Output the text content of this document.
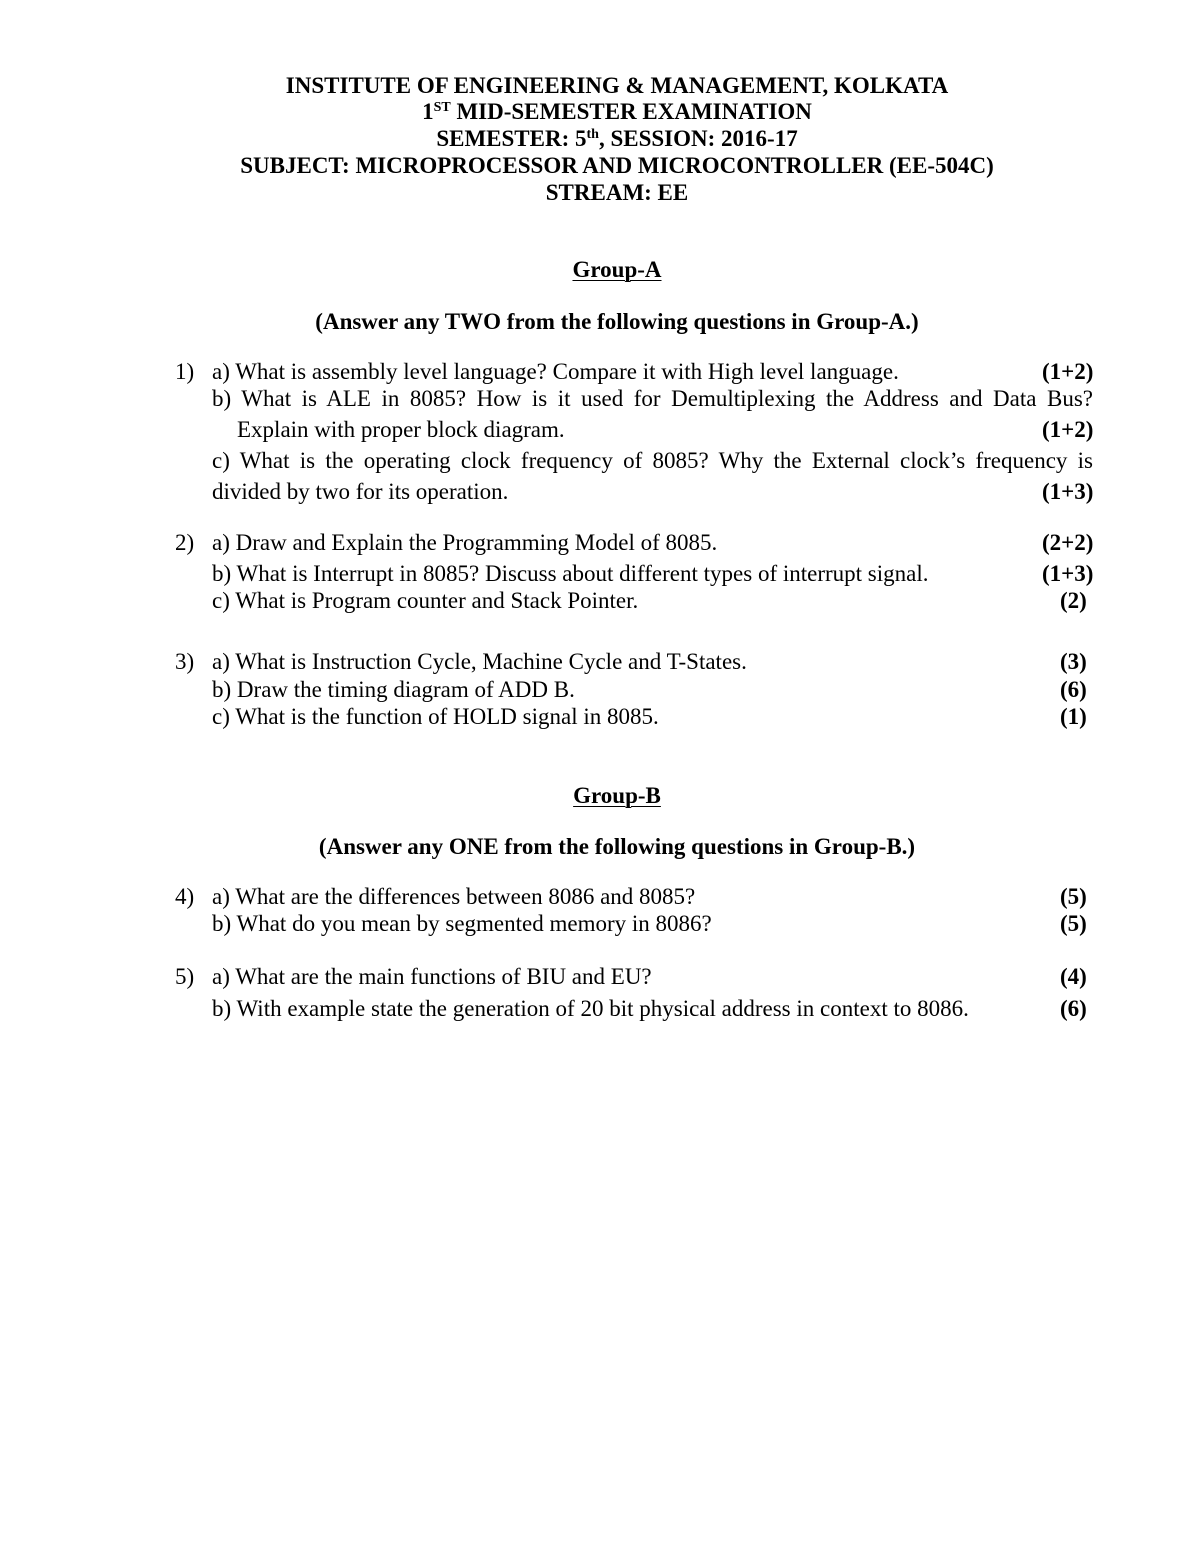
INSTITUTE OF ENGINEERING & MANAGEMENT, KOLKATA
1ST MID-SEMESTER EXAMINATION
SEMESTER: 5th, SESSION: 2016-17
SUBJECT: MICROPROCESSOR AND MICROCONTROLLER (EE-504C)
STREAM: EE
Group-A
(Answer any TWO from the following questions in Group-A.)
1) a) What is assembly level language? Compare it with High level language.	(1+2)
b) What is ALE in 8085? How is it used for Demultiplexing the Address and Data Bus?
Explain with proper block diagram.	(1+2)
c) What is the operating clock frequency of 8085? Why the External clock’s frequency is
divided by two for its operation.	(1+3)
2) a) Draw and Explain the Programming Model of 8085.	(2+2)
b) What is Interrupt in 8085? Discuss about different types of interrupt signal.	(1+3)
c) What is Program counter and Stack Pointer.	(2)
3) a) What is Instruction Cycle, Machine Cycle and T-States.	(3)
b) Draw the timing diagram of ADD B.	(6)
c) What is the function of HOLD signal in 8085.	(1)
Group-B
(Answer any ONE from the following questions in Group-B.)
4) a) What are the differences between 8086 and 8085?	(5)
b) What do you mean by segmented memory in 8086?	(5)
5) a) What are the main functions of BIU and EU?	(4)
b) With example state the generation of 20 bit physical address in context to 8086.	(6)
